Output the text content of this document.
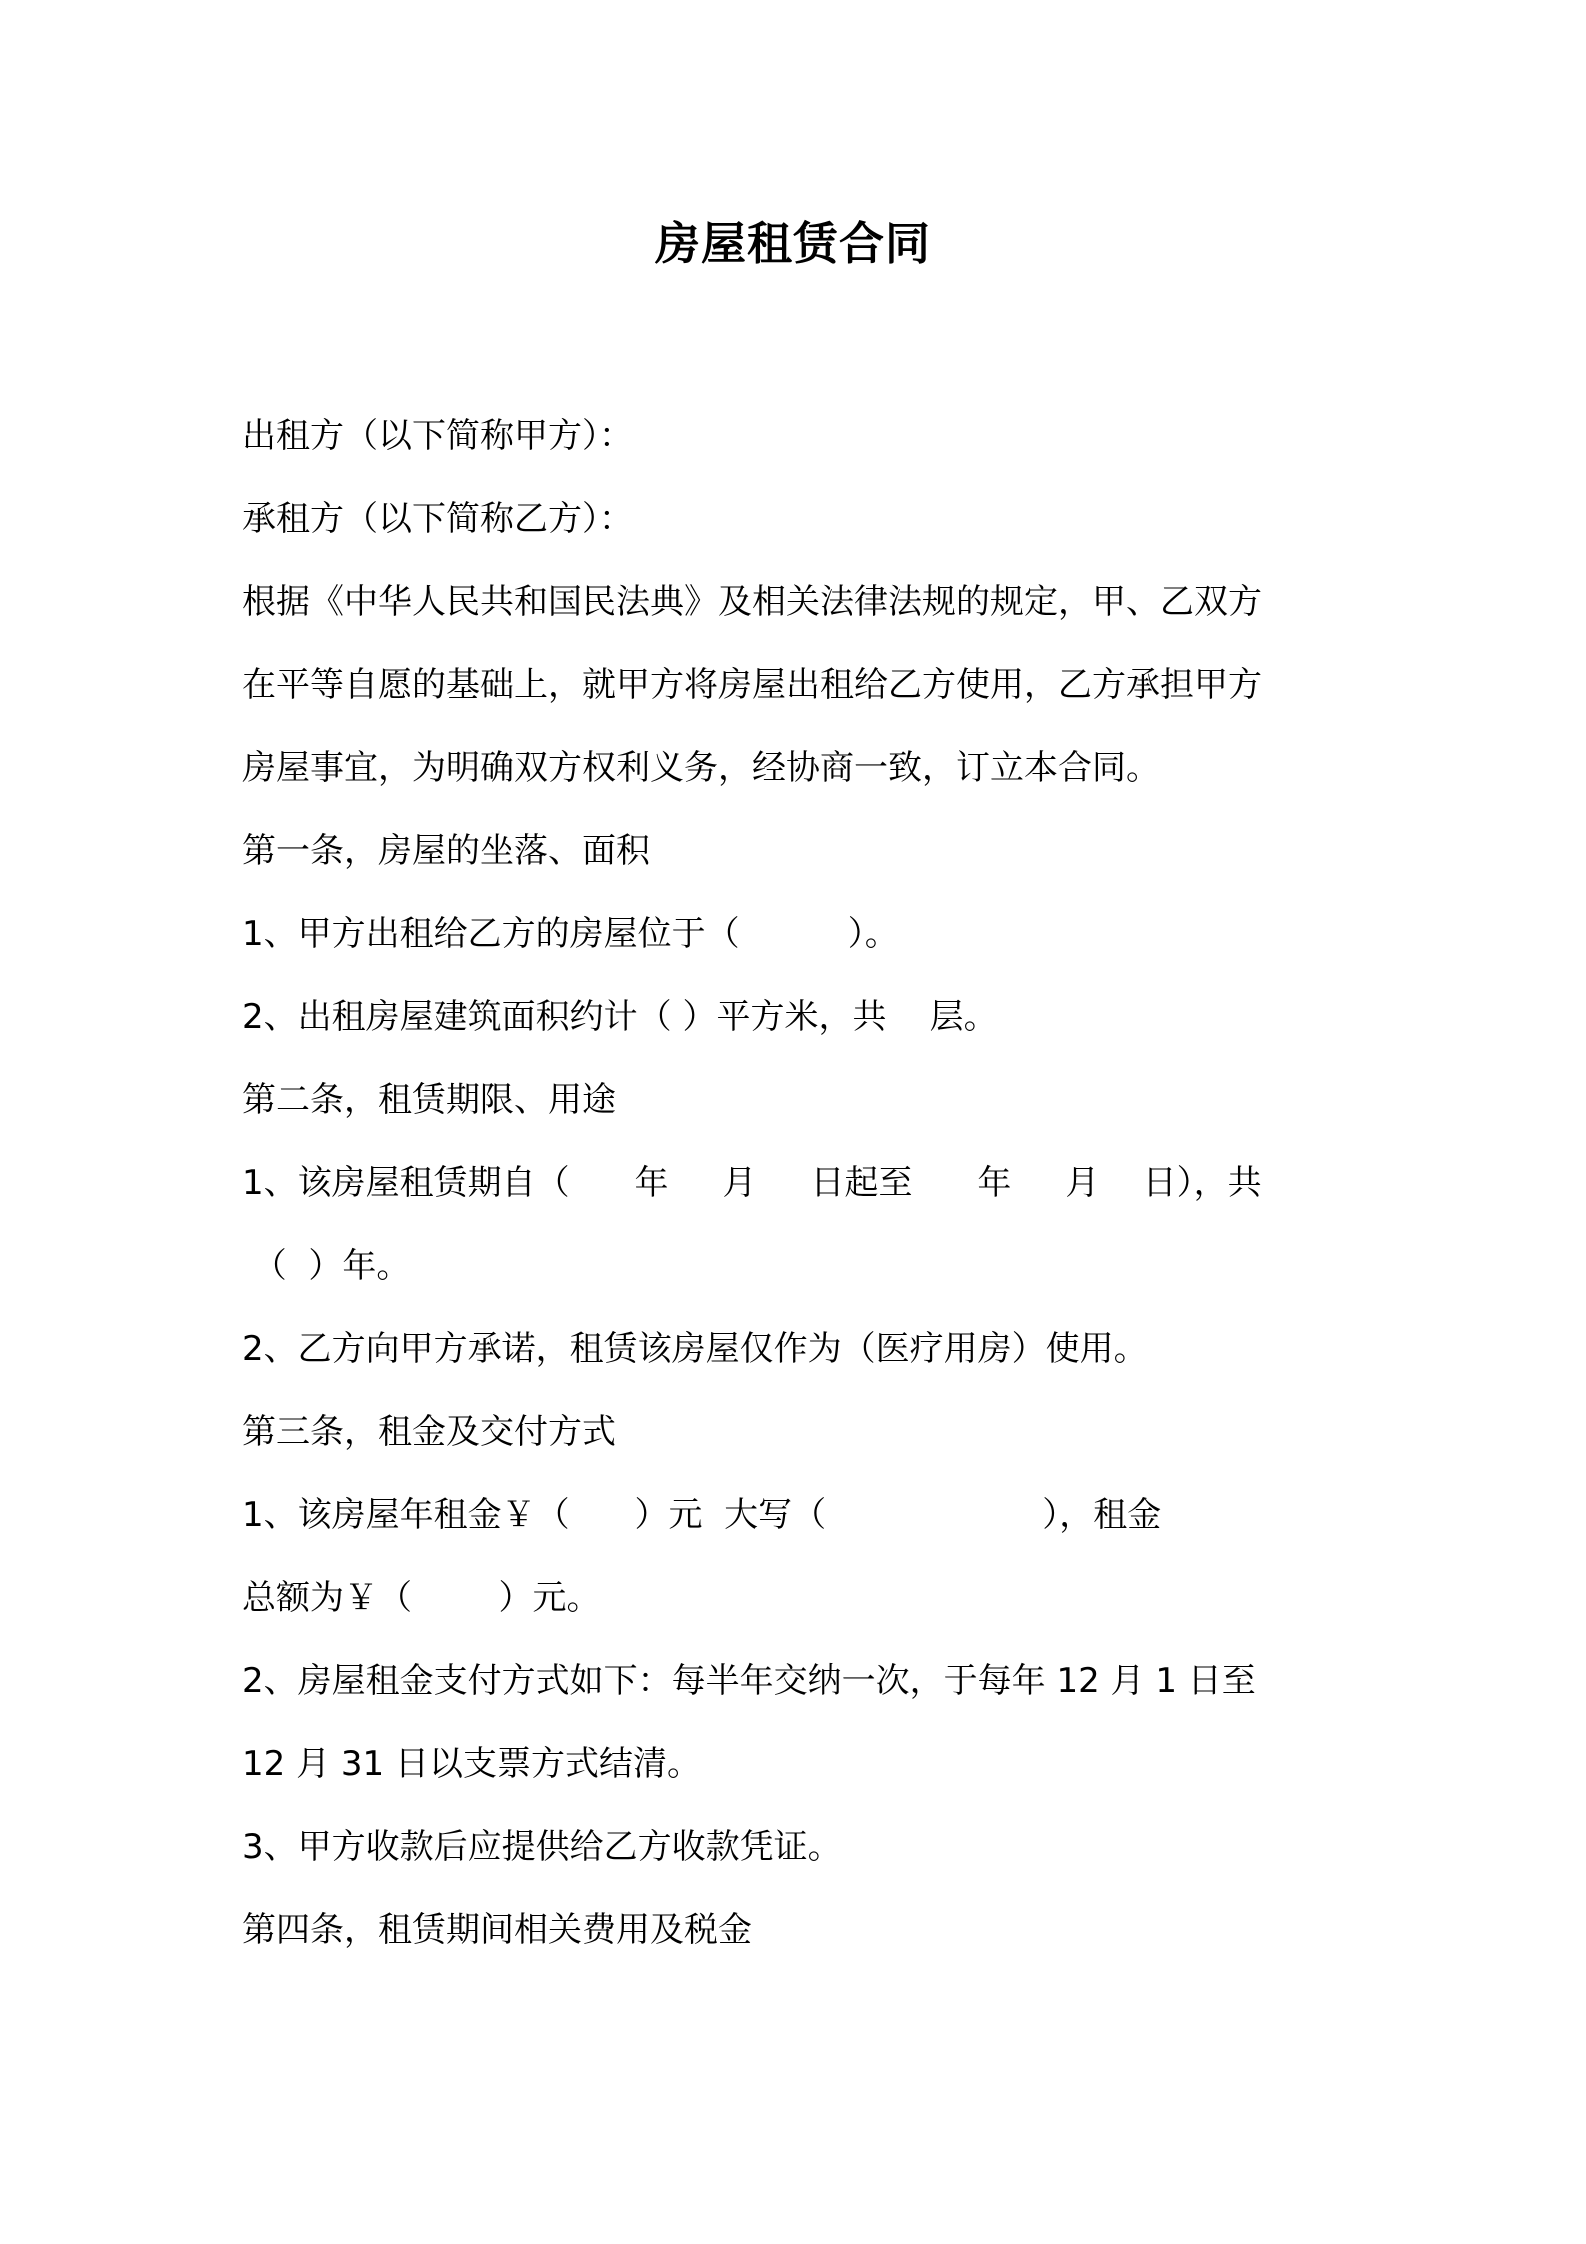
房屋租赁合同
出租方（以下简称甲方）：
承租方（以下简称乙方）：
根据《中华人民共和国民法典》及相关法律法规的规定，甲、乙双方
在平等自愿的基础上，就甲方将房屋出租给乙方使用，乙方承担甲方
房屋事宜，为明确双方权利义务，经协商一致，订立本合同。
第一条，房屋的坐落、面积
1、甲方出租给乙方的房屋位于（          ）。
2、出租房屋建筑面积约计（ ）平方米，共    层。
第二条，租赁期限、用途
1、该房屋租赁期自（      年     月     日起至      年     月    日），共
（  ）年。
2、乙方向甲方承诺，租赁该房屋仅作为（医疗用房）使用。
第三条，租金及交付方式
1、该房屋年租金￥（      ）元  大写（                    ），租金
总额为￥（        ）元。
2、房屋租金支付方式如下：每半年交纳一次，于每年 12 月 1 日至
12 月 31 日以支票方式结清。
3、甲方收款后应提供给乙方收款凭证。
第四条，租赁期间相关费用及税金
